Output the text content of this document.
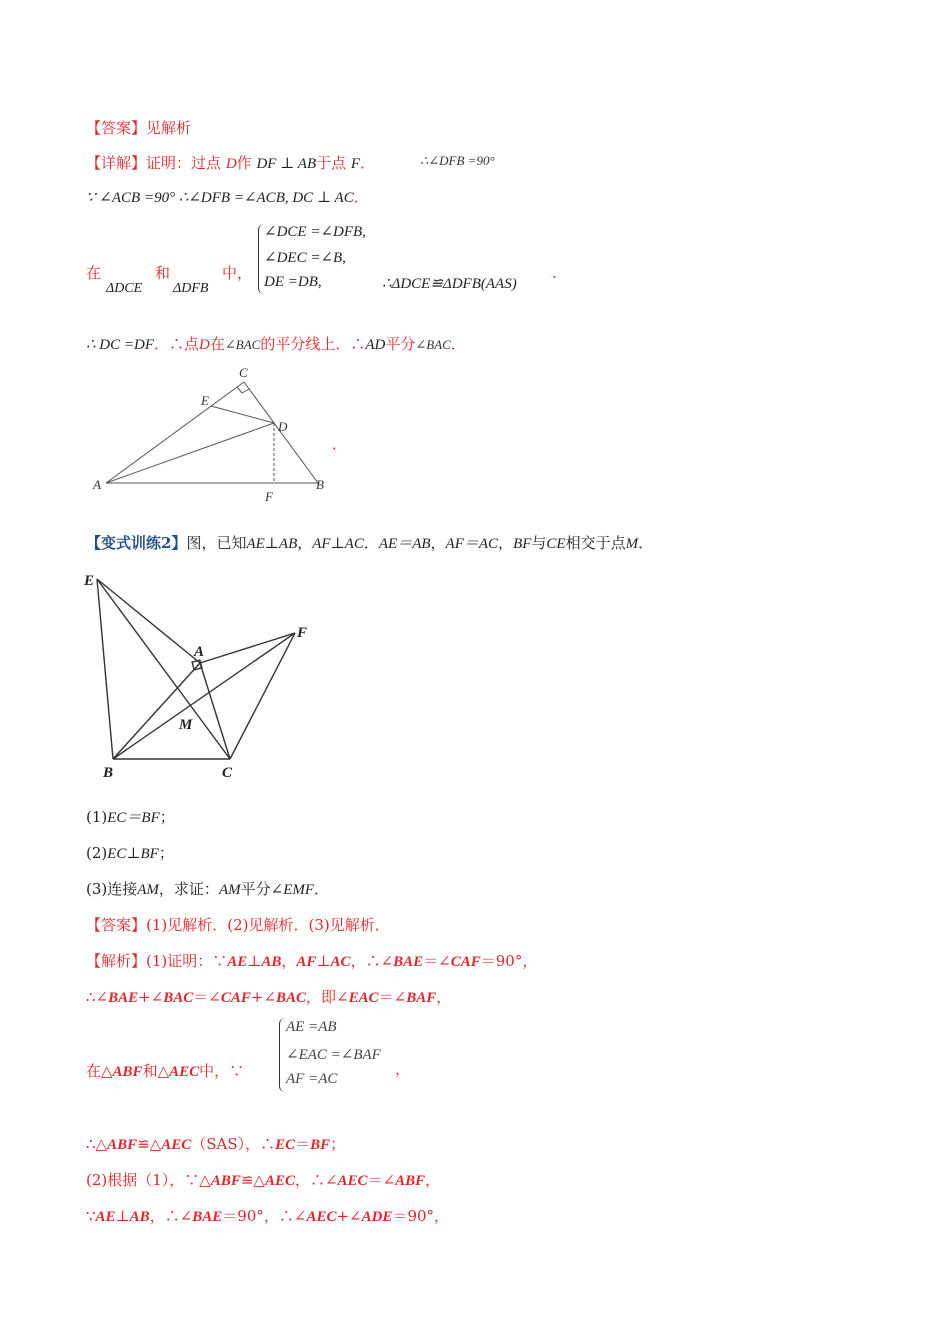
【答案】见解析
【详解】证明：过点 D作 DF ⊥ AB于点 F．	∴∠DFB =90°
∵ ∠ACB =90° ∴∠DFB =∠ACB, DC ⊥ AC．
在	和	中，
ΔDCE ΔDFB
∠DCE =∠DFB,
∠DEC =∠B,
DE =DB,	∴ΔDCE≌ΔDFB(AAS) ·
∴ DC =DF．∴点D在∠BAC的平分线上．∴AD平分∠BAC．
C
E
D
A
F
B
．
【变式训练2】图，已知AE⊥AB，AF⊥AC．AE＝AB，AF＝AC，BF与CE相交于点M．
E
A
F
M
B	C
(1)EC＝BF；
(2)EC⊥BF；
(3)连接AM，求证：AM平分∠EMF．
【答案】(1)见解析．(2)见解析．(3)见解析．
【解析】(1)证明：∵AE⊥AB，AF⊥AC，∴∠BAE＝∠CAF＝90°，
∴∠BAE+∠BAC＝∠CAF+∠BAC，即∠EAC＝∠BAF，
在△ABF和△AEC中，∵
AE =AB
∠EAC =∠BAF
AF =AC
，
∴△ABF≌△AEC（SAS），∴EC＝BF；
(2)根据（1），∵△ABF≌△AEC，∴∠AEC＝∠ABF，
∵AE⊥AB，∴∠BAE＝90°，∴∠AEC+∠ADE＝90°，
